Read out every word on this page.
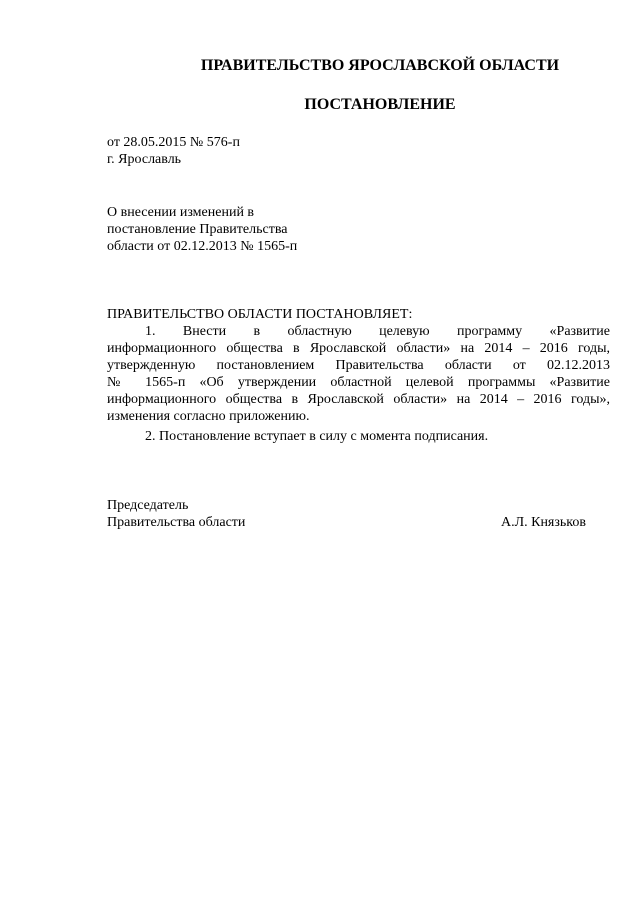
ПРАВИТЕЛЬСТВО ЯРОСЛАВСКОЙ ОБЛАСТИ
ПОСТАНОВЛЕНИЕ
от 28.05.2015 № 576-п
г. Ярославль
О внесении изменений в
постановление Правительства
области от 02.12.2013 № 1565-п
ПРАВИТЕЛЬСТВО ОБЛАСТИ ПОСТАНОВЛЯЕТ:

1. Внести в областную целевую программу «Развитие

информационного общества в Ярославской области» на 2014 – 2016 годы,

утвержденную постановлением Правительства области от 02.12.2013

№ 1565-п «Об утверждении областной целевой программы «Развитие

информационного общества в Ярославской области» на 2014 – 2016 годы»,

изменения согласно приложению.

2. Постановление вступает в силу с момента подписания.

Председатель
Правительства области	А.Л. Князьков
